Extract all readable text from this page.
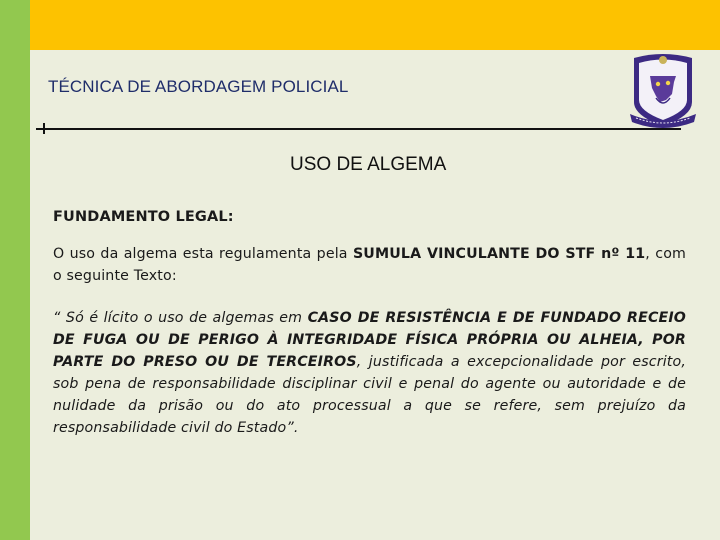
TÉCNICA DE ABORDAGEM POLICIAL
USO DE ALGEMA
FUNDAMENTO LEGAL:
O uso da algema esta regulamenta pela SUMULA VINCULANTE DO STF nº 11, com o seguinte Texto:
“ Só é lícito o uso de algemas em CASO DE RESISTÊNCIA E DE FUNDADO RECEIO DE FUGA OU DE PERIGO À INTEGRIDADE FÍSICA PRÓPRIA OU ALHEIA, POR PARTE DO PRESO OU DE TERCEIROS, justificada a excepcionalidade por escrito, sob pena de responsabilidade disciplinar civil e penal do agente ou autoridade e de nulidade da prisão ou do ato processual a que se refere, sem prejuízo da responsabilidade civil do Estado”.
